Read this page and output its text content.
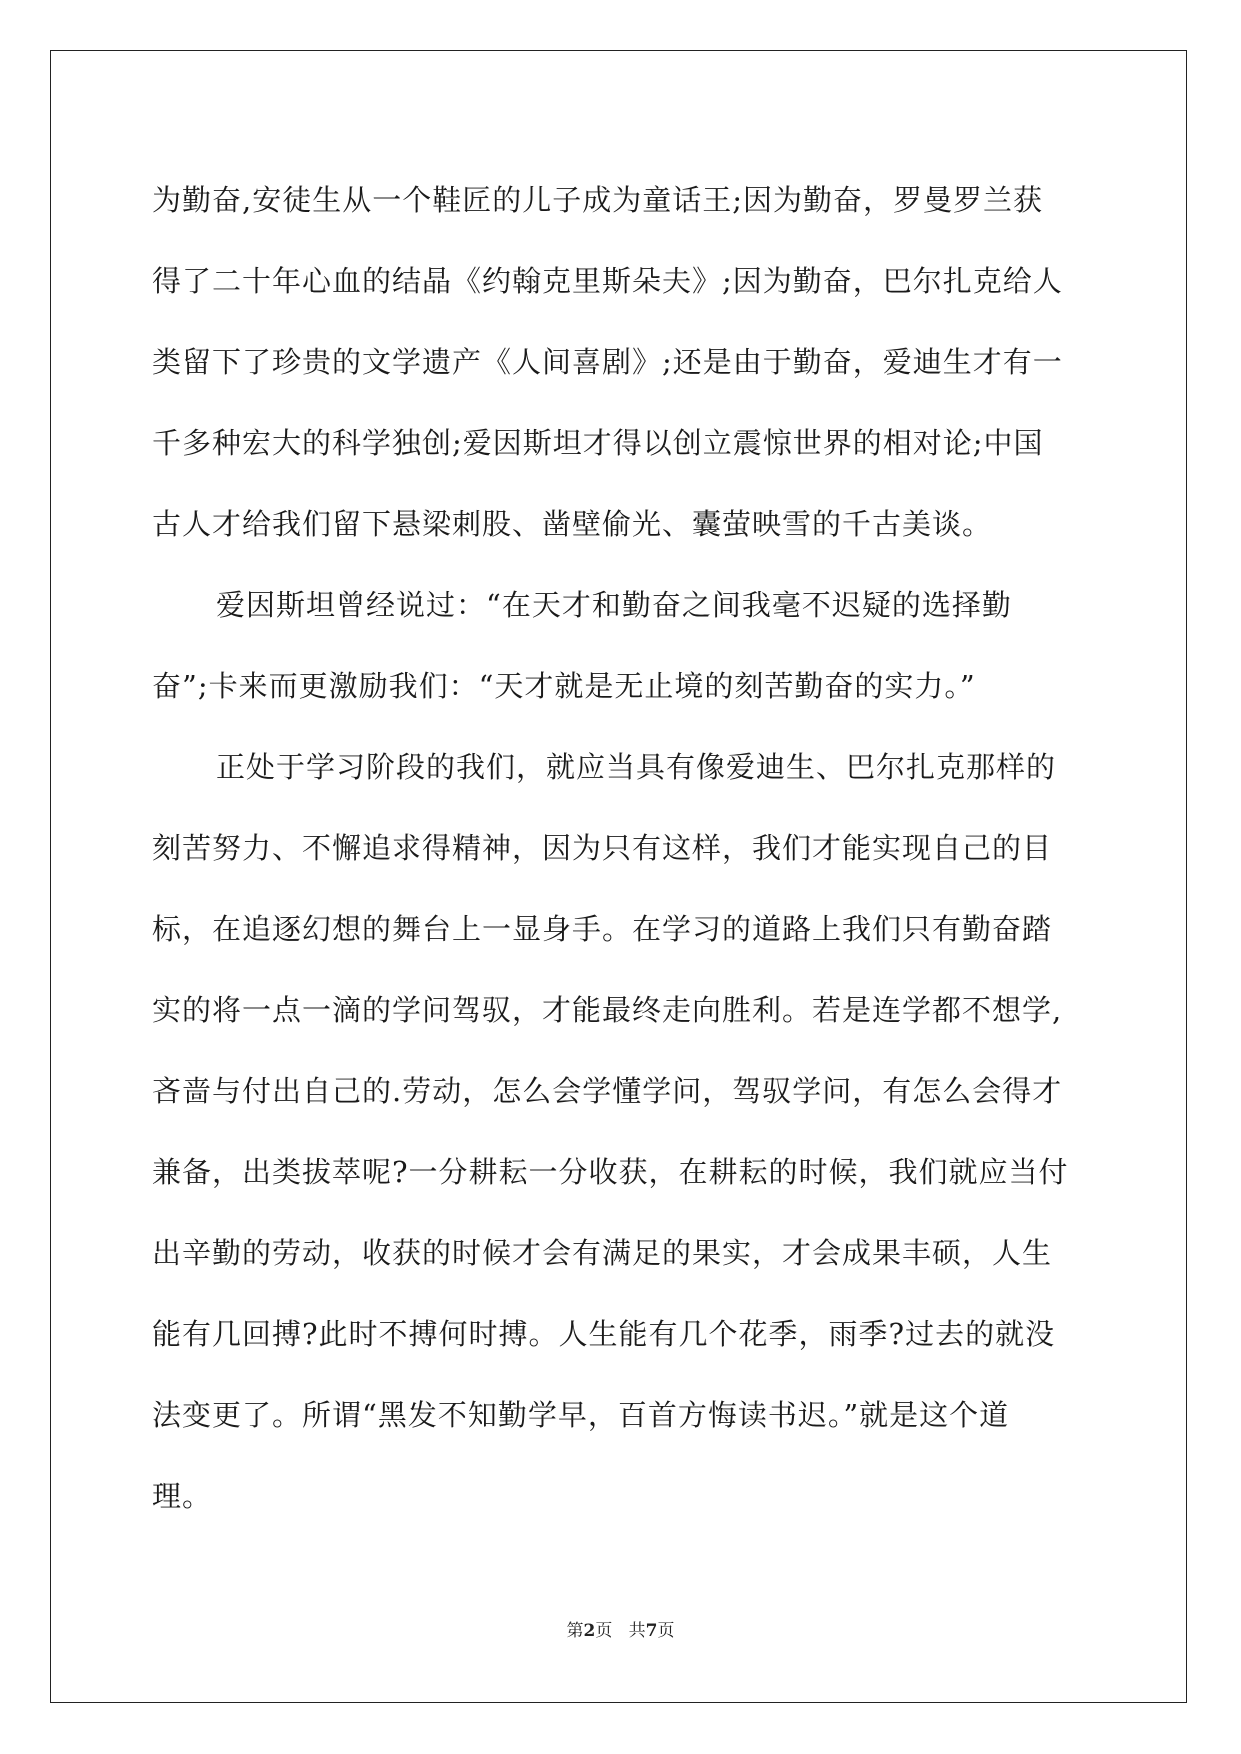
为勤奋,安徒生从一个鞋匠的儿子成为童话王;因为勤奋，罗曼罗兰获
得了二十年心血的结晶《约翰克里斯朵夫》;因为勤奋，巴尔扎克给人
类留下了珍贵的文学遗产《人间喜剧》;还是由于勤奋，爱迪生才有一
千多种宏大的科学独创;爱因斯坦才得以创立震惊世界的相对论;中国
古人才给我们留下悬梁刺股、凿壁偷光、囊萤映雪的千古美谈。
爱因斯坦曾经说过：“在天才和勤奋之间我毫不迟疑的选择勤
奋”;卡来而更激励我们：“天才就是无止境的刻苦勤奋的实力。”
正处于学习阶段的我们，就应当具有像爱迪生、巴尔扎克那样的
刻苦努力、不懈追求得精神，因为只有这样，我们才能实现自己的目
标，在追逐幻想的舞台上一显身手。在学习的道路上我们只有勤奋踏
实的将一点一滴的学问驾驭，才能最终走向胜利。若是连学都不想学,
吝啬与付出自己的.劳动，怎么会学懂学问，驾驭学问，有怎么会得才
兼备，出类拔萃呢?一分耕耘一分收获，在耕耘的时候，我们就应当付
出辛勤的劳动，收获的时候才会有满足的果实，才会成果丰硕，人生
能有几回搏?此时不搏何时搏。人生能有几个花季，雨季?过去的就没
法变更了。所谓“黑发不知勤学早，百首方悔读书迟。”就是这个道
理。
第2页 共7页
